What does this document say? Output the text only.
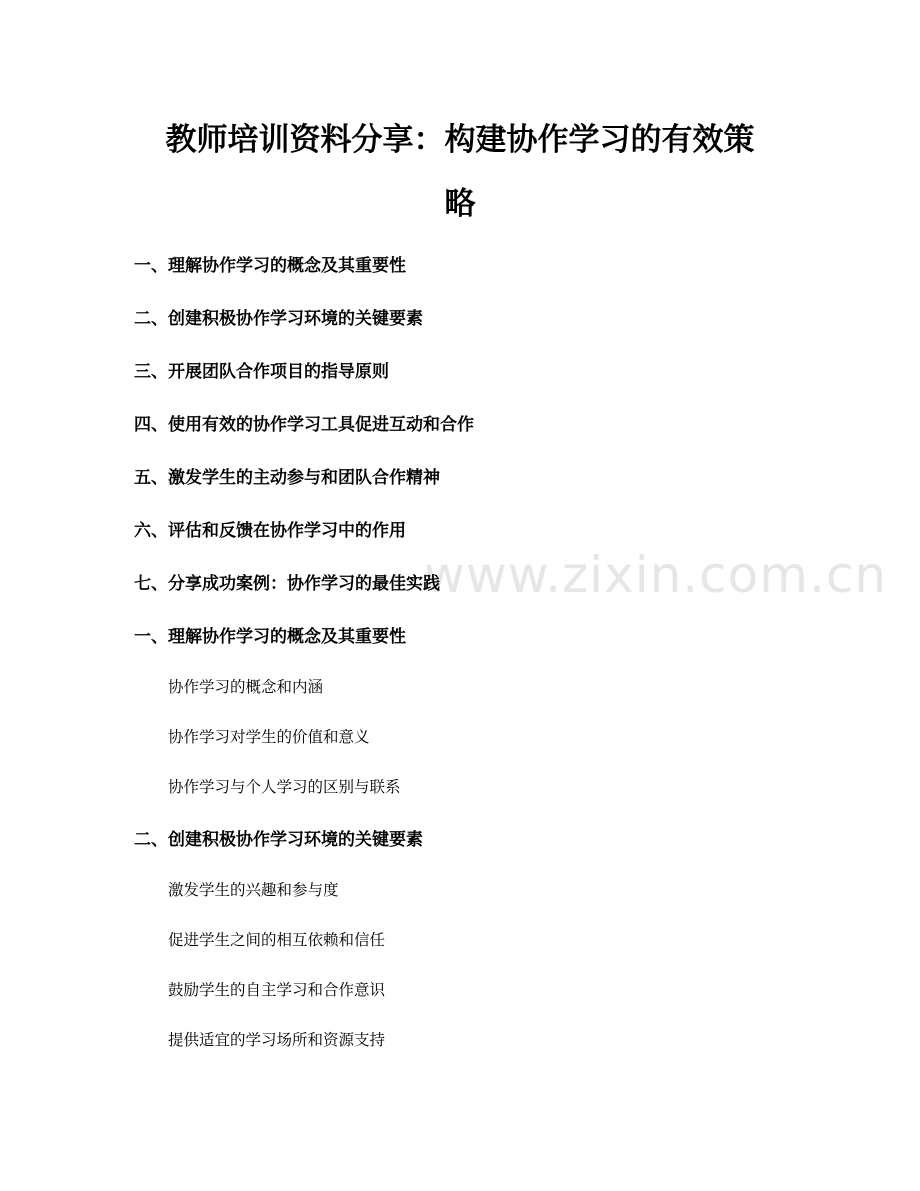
www.zixin.com.cn
教师培训资料分享：构建协作学习的有效策
略
一、理解协作学习的概念及其重要性
二、创建积极协作学习环境的关键要素
三、开展团队合作项目的指导原则
四、使用有效的协作学习工具促进互动和合作
五、激发学生的主动参与和团队合作精神
六、评估和反馈在协作学习中的作用
七、分享成功案例：协作学习的最佳实践
一、理解协作学习的概念及其重要性
协作学习的概念和内涵
协作学习对学生的价值和意义
协作学习与个人学习的区别与联系
二、创建积极协作学习环境的关键要素
激发学生的兴趣和参与度
促进学生之间的相互依赖和信任
鼓励学生的自主学习和合作意识
提供适宜的学习场所和资源支持
